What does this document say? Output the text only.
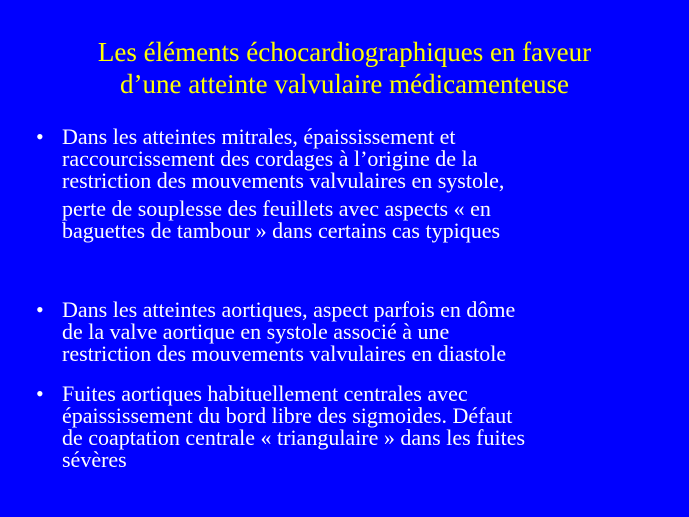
Les éléments échocardiographiques en faveur
d’une atteinte valvulaire médicamenteuse
• Dans les atteintes mitrales, épaississement et
raccourcissement des cordages à l’origine de la
restriction des mouvements valvulaires en systole,
perte de souplesse des feuillets avec aspects « en
baguettes de tambour » dans certains cas typiques
• Dans les atteintes aortiques, aspect parfois en dôme
de la valve aortique en systole associé à une
restriction des mouvements valvulaires en diastole
• Fuites aortiques habituellement centrales avec
épaississement du bord libre des sigmoides. Défaut
de coaptation centrale « triangulaire » dans les fuites
sévères
